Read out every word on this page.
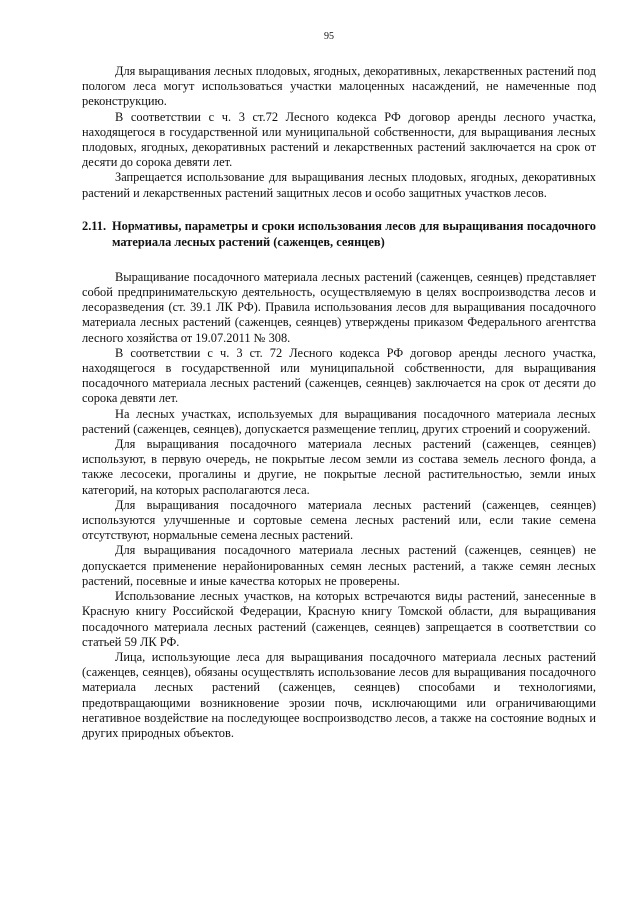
95

Для выращивания лесных плодовых, ягодных, декоративных, лекарственных растений под пологом леса могут использоваться участки малоценных насаждений, не намеченные под реконструкцию.

В соответствии с ч. 3 ст.72 Лесного кодекса РФ договор аренды лесного участка, находящегося в государственной или муниципальной собственности, для выращивания лесных плодовых, ягодных, декоративных растений и лекарственных растений заключается на срок от десяти до сорока девяти лет.

Запрещается использование для выращивания лесных плодовых, ягодных, декоративных растений и лекарственных растений защитных лесов и особо защитных участков лесов.

2.11. Нормативы, параметры и сроки использования лесов для выращивания посадочного материала лесных растений (саженцев, сеянцев)

Выращивание посадочного материала лесных растений (саженцев, сеянцев) представляет собой предпринимательскую деятельность, осуществляемую в целях воспроизводства лесов и лесоразведения (ст. 39.1 ЛК РФ). Правила использования лесов для выращивания посадочного материала лесных растений (саженцев, сеянцев) утверждены приказом Федерального агентства лесного хозяйства от 19.07.2011 № 308.

В соответствии с ч. 3 ст. 72 Лесного кодекса РФ договор аренды лесного участка, находящегося в государственной или муниципальной собственности, для выращивания посадочного материала лесных растений (саженцев, сеянцев) заключается на срок от десяти до сорока девяти лет.

На лесных участках, используемых для выращивания посадочного материала лесных растений (саженцев, сеянцев), допускается размещение теплиц, других строений и сооружений.

Для выращивания посадочного материала лесных растений (саженцев, сеянцев) используют, в первую очередь, не покрытые лесом земли из состава земель лесного фонда, а также лесосеки, прогалины и другие, не покрытые лесной растительностью, земли иных категорий, на которых располагаются леса.

Для выращивания посадочного материала лесных растений (саженцев, сеянцев) используются улучшенные и сортовые семена лесных растений или, если такие семена отсутствуют, нормальные семена лесных растений.

Для выращивания посадочного материала лесных растений (саженцев, сеянцев) не допускается применение нерайонированных семян лесных растений, а также семян лесных растений, посевные и иные качества которых не проверены.

Использование лесных участков, на которых встречаются виды растений, занесенные в Красную книгу Российской Федерации, Красную книгу Томской области, для выращивания посадочного материала лесных растений (саженцев, сеянцев) запрещается в соответствии со статьей 59 ЛК РФ.

Лица, использующие леса для выращивания посадочного материала лесных растений (саженцев, сеянцев), обязаны осуществлять использование лесов для выращивания посадочного материала лесных растений (саженцев, сеянцев) способами и технологиями, предотвращающими возникновение эрозии почв, исключающими или ограничивающими негативное воздействие на последующее воспроизводство лесов, а также на состояние водных и других природных объектов.
